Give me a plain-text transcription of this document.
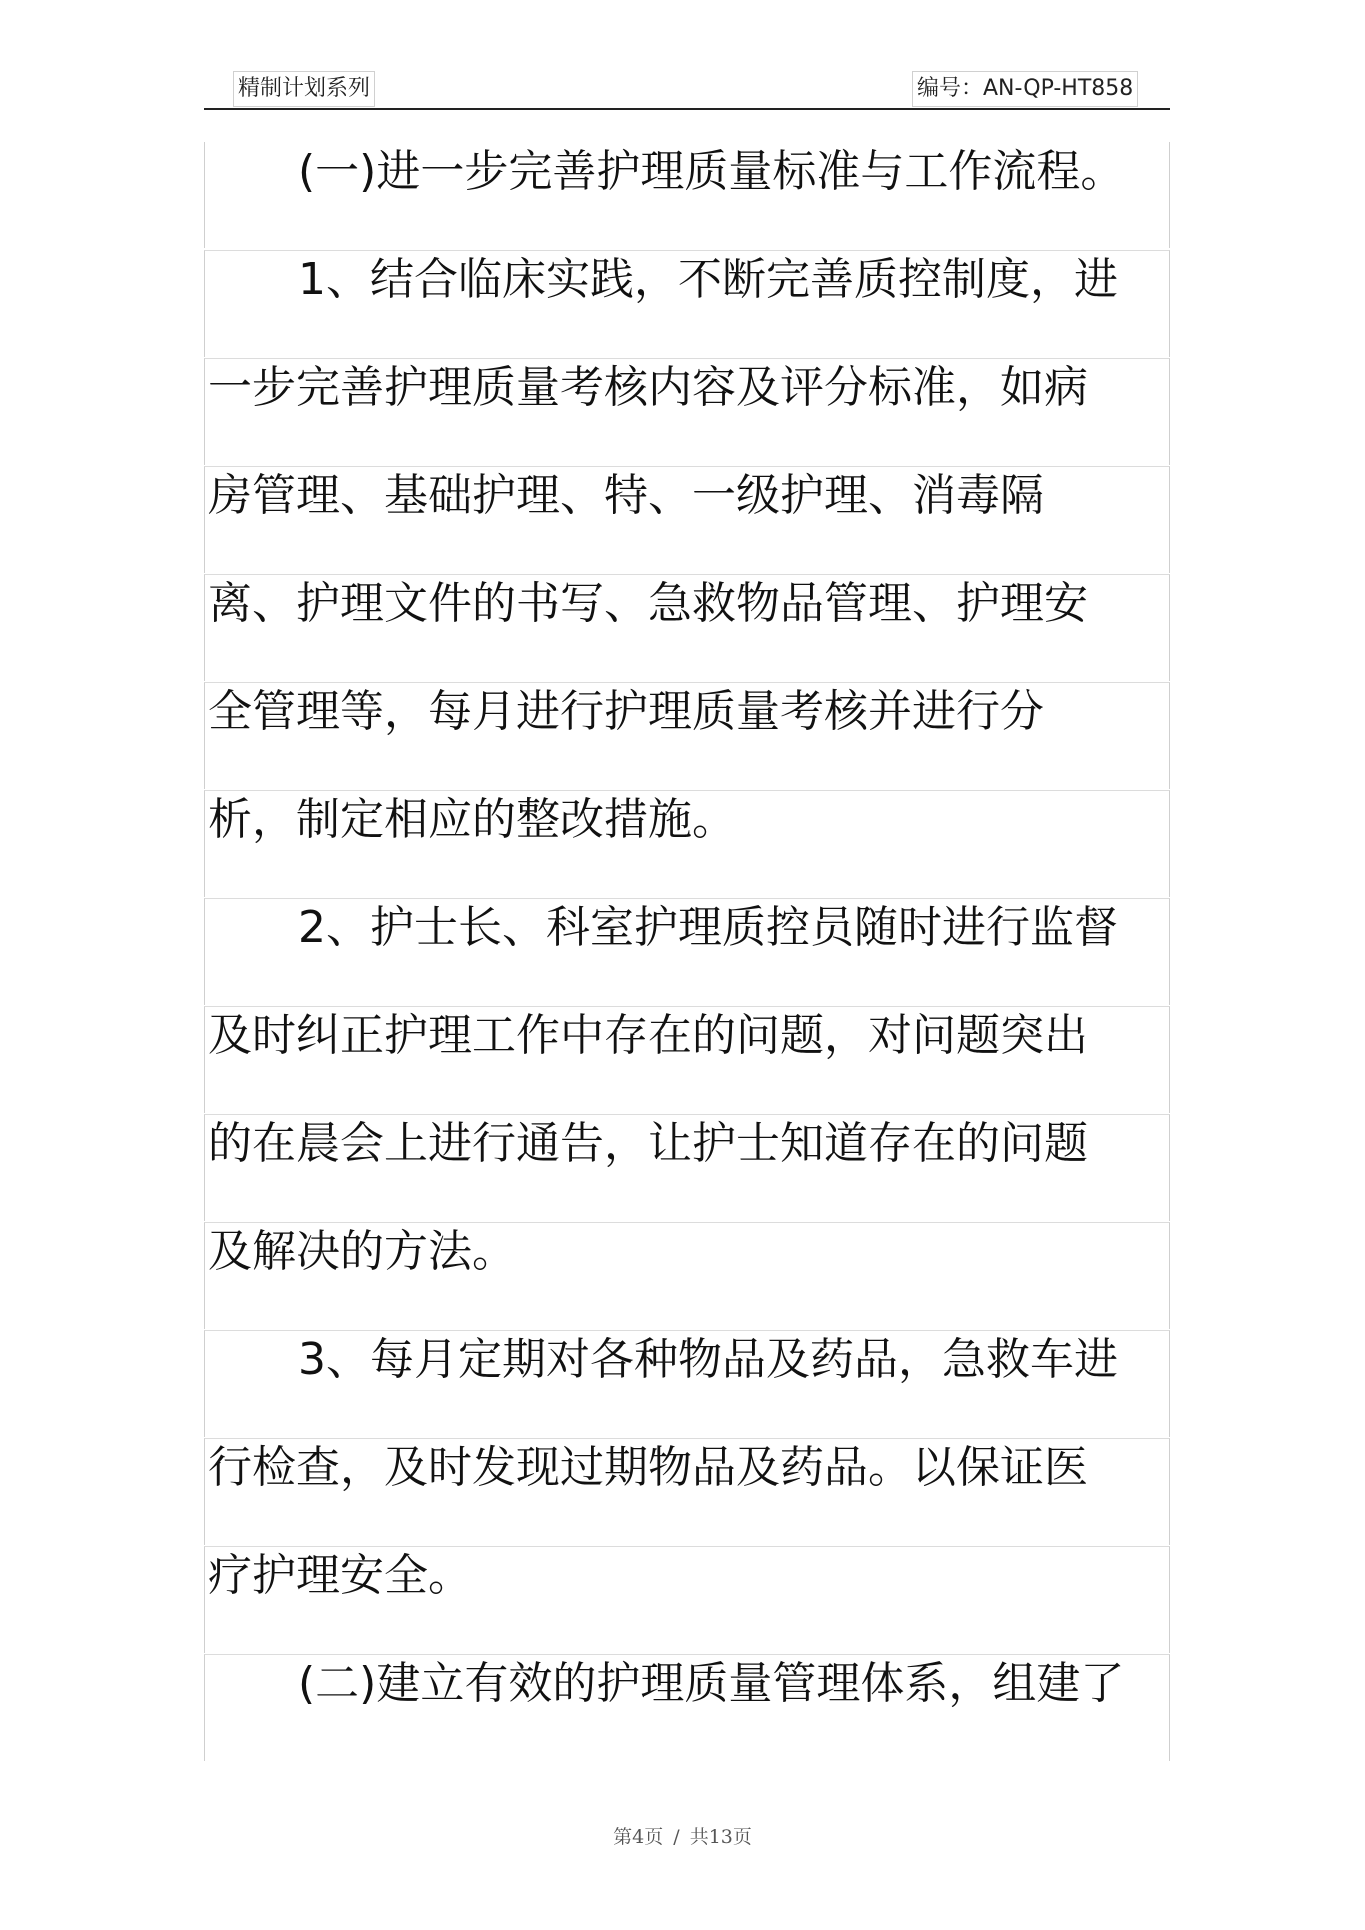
精制计划系列	编号：AN-QP-HT858
(一)进一步完善护理质量标准与工作流程。
1、结合临床实践，不断完善质控制度，进
一步完善护理质量考核内容及评分标准，如病
房管理、基础护理、特、一级护理、消毒隔
离、护理文件的书写、急救物品管理、护理安
全管理等，每月进行护理质量考核并进行分
析，制定相应的整改措施。
2、护士长、科室护理质控员随时进行监督
及时纠正护理工作中存在的问题，对问题突出
的在晨会上进行通告，让护士知道存在的问题
及解决的方法。
3、每月定期对各种物品及药品，急救车进
行检查，及时发现过期物品及药品。以保证医
疗护理安全。
(二)建立有效的护理质量管理体系，组建了
第4页 / 共13页
